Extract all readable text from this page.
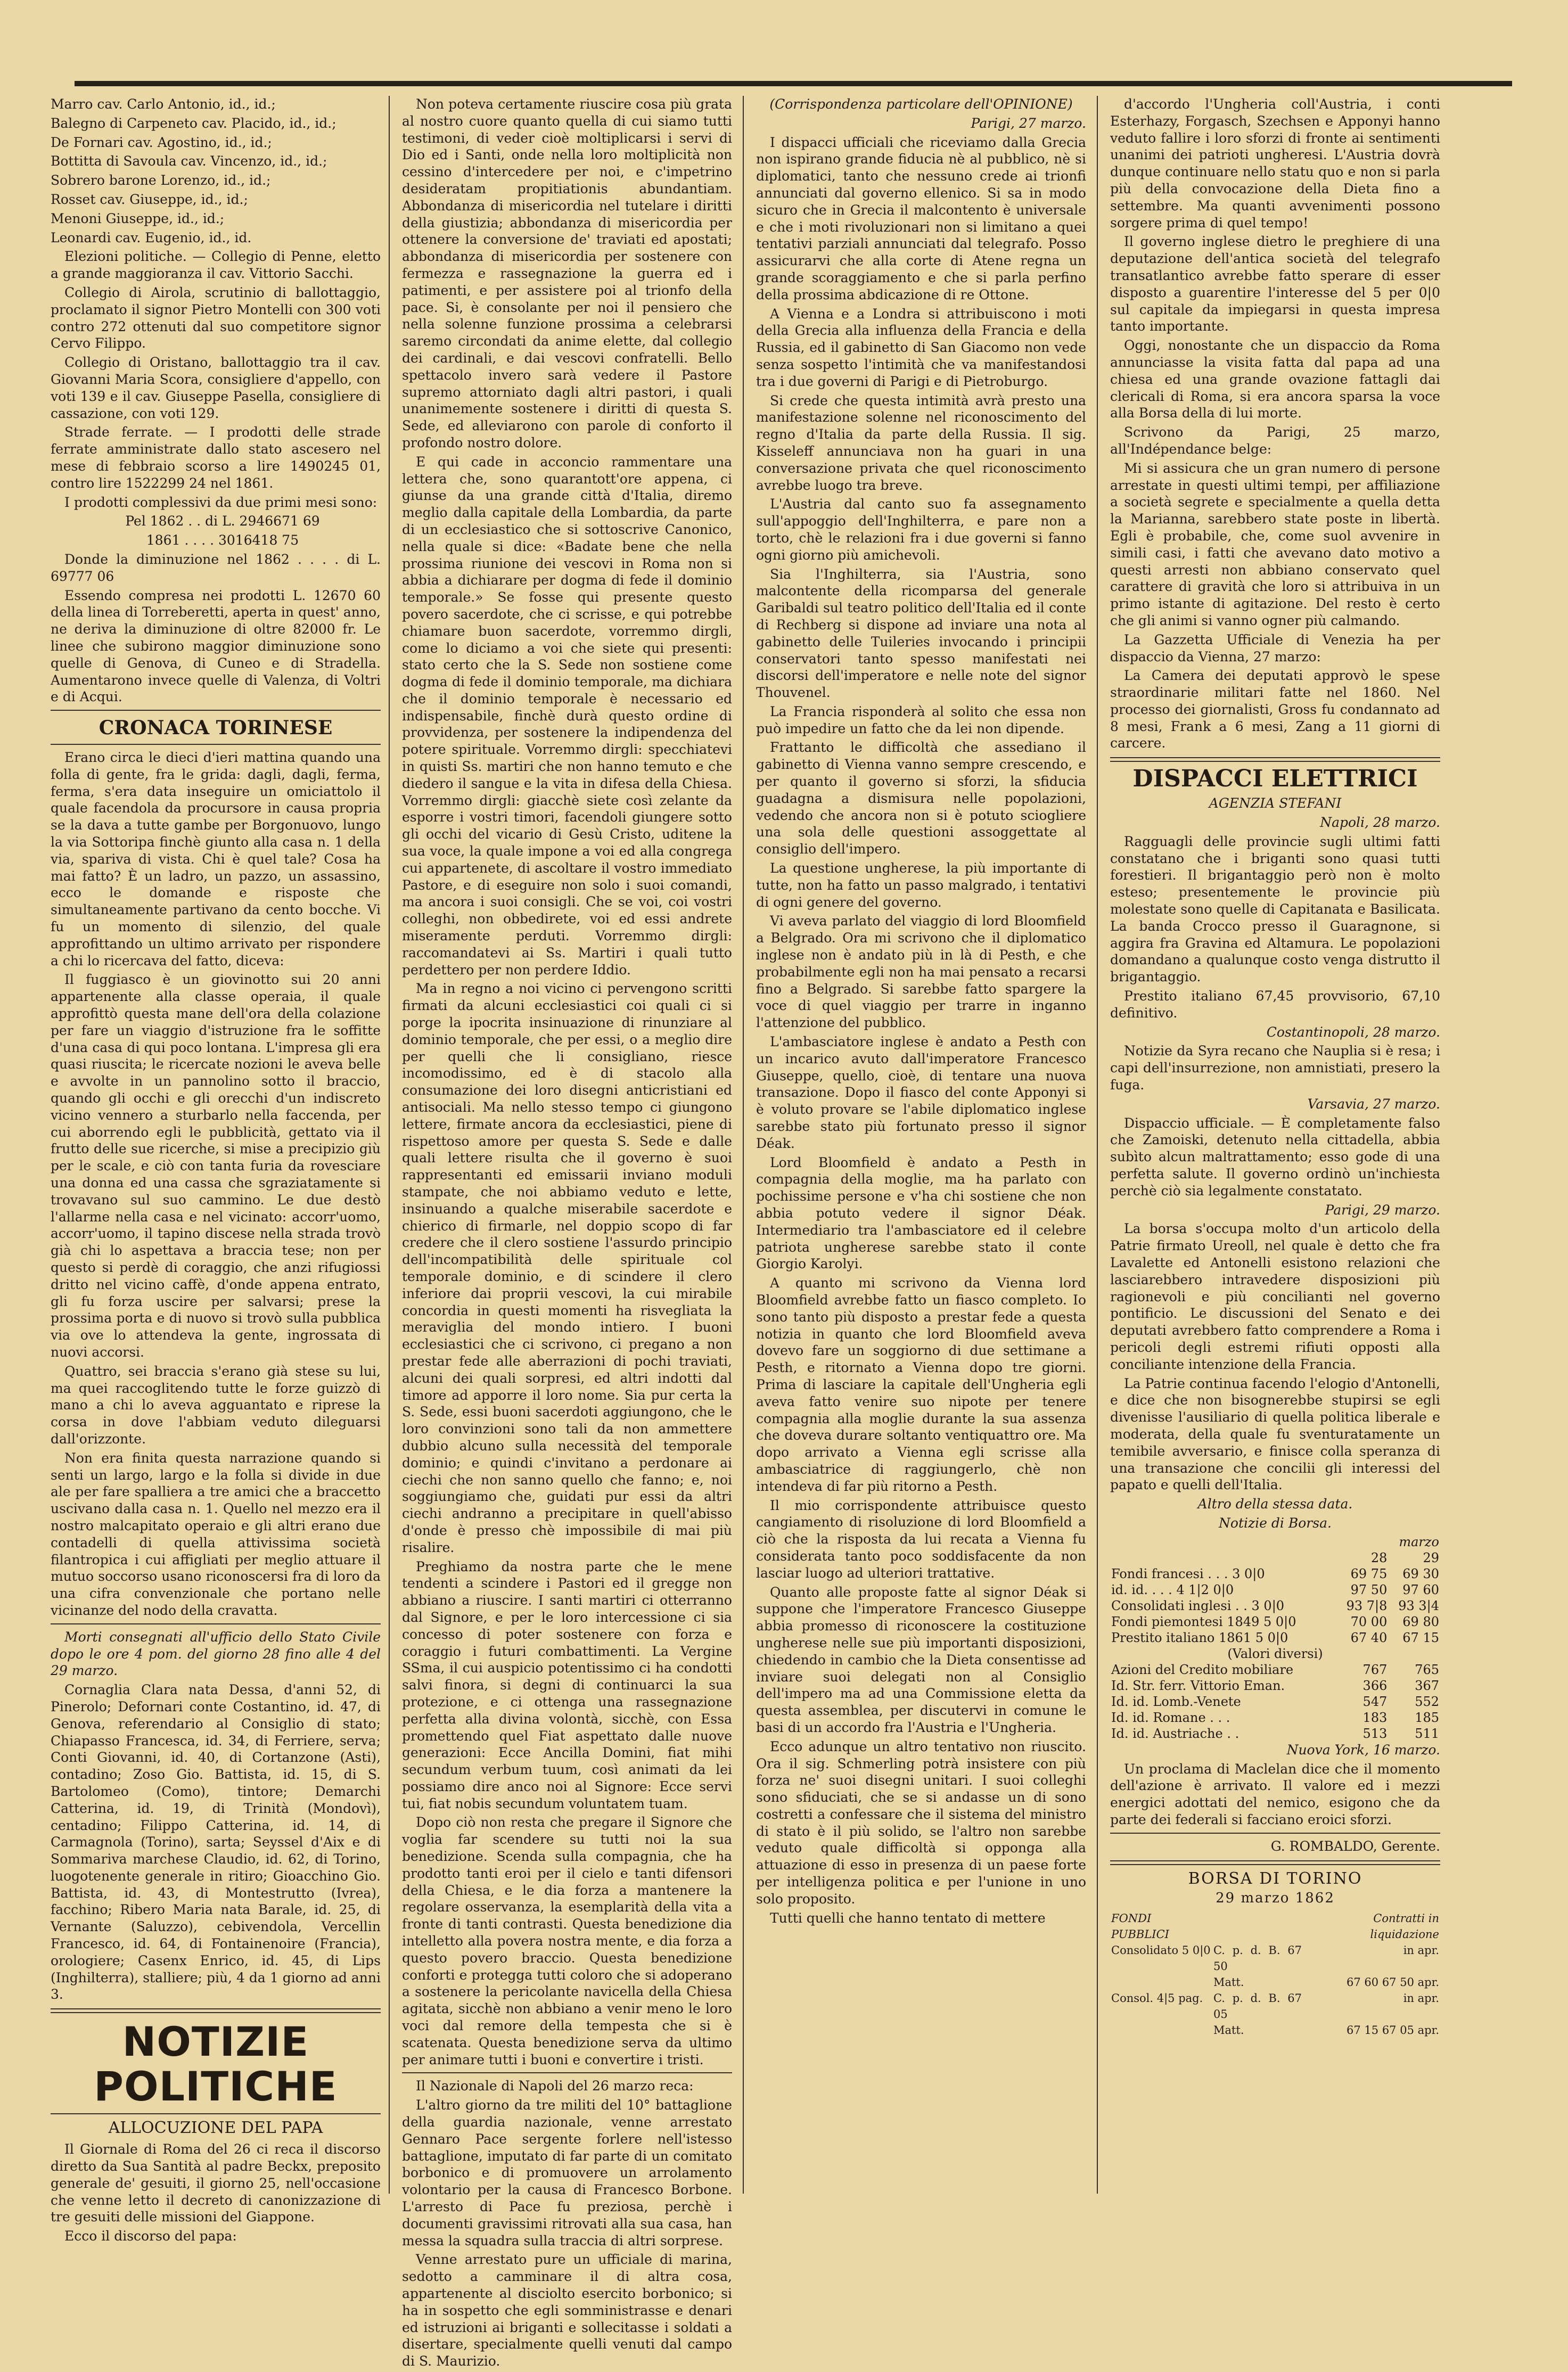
Marro cav. Carlo Antonio, id., id.;

Balegno di Carpeneto cav. Placido, id., id.;

De Fornari cav. Agostino, id., id.;

Bottitta di Savoula cav. Vincenzo, id., id.;

Sobrero barone Lorenzo, id., id.;

Rosset cav. Giuseppe, id., id.;

Menoni Giuseppe, id., id.;

Leonardi cav. Eugenio, id., id.

Elezioni politiche. — Collegio di Penne, eletto a grande maggioranza il cav. Vittorio Sacchi.

Collegio di Airola, scrutinio di ballottaggio, proclamato il signor Pietro Montelli con 300 voti contro 272 ottenuti dal suo competitore signor Cervo Filippo.

Collegio di Oristano, ballottaggio tra il cav. Giovanni Maria Scora, consigliere d'appello, con voti 139 e il cav. Giuseppe Pasella, consigliere di cassazione, con voti 129.

Strade ferrate. — I prodotti delle strade ferrate amministrate dallo stato ascesero nel mese di febbraio scorso a lire 1490245 01, contro lire 1522299 24 nel 1861.

I prodotti complessivi da due primi mesi sono:

Pel 1862 . . di L. 2946671 69

1861 . . . . 3016418 75

Donde la diminuzione nel 1862 . . . . di L. 69777 06

Essendo compresa nei prodotti L. 12670 60 della linea di Torreberetti, aperta in quest' anno, ne deriva la diminuzione di oltre 82000 fr. Le linee che subirono maggior diminuzione sono quelle di Genova, di Cuneo e di Stradella. Aumentarono invece quelle di Valenza, di Voltri e di Acqui.

CRONACA TORINESE

Erano circa le dieci d'ieri mattina quando una folla di gente, fra le grida: dagli, dagli, ferma, ferma, s'era data inseguire un omiciattolo il quale facendola da procursore in causa propria se la dava a tutte gambe per Borgonuovo, lungo la via Sottoripa finchè giunto alla casa n. 1 della via, spariva di vista. Chi è quel tale? Cosa ha mai fatto? È un ladro, un pazzo, un assassino, ecco le domande e risposte che simultaneamente partivano da cento bocche. Vi fu un momento di silenzio, del quale approfittando un ultimo arrivato per rispondere a chi lo ricercava del fatto, diceva:

Il fuggiasco è un giovinotto sui 20 anni appartenente alla classe operaia, il quale approfittò questa mane dell'ora della colazione per fare un viaggio d'istruzione fra le soffitte d'una casa di qui poco lontana. L'impresa gli era quasi riuscita; le ricercate nozioni le aveva belle e avvolte in un pannolino sotto il braccio, quando gli occhi e gli orecchi d'un indiscreto vicino vennero a sturbarlo nella faccenda, per cui aborrendo egli le pubblicità, gettato via il frutto delle sue ricerche, si mise a precipizio giù per le scale, e ciò con tanta furia da rovesciare una donna ed una cassa che sgraziatamente si trovavano sul suo cammino. Le due destò l'allarme nella casa e nel vicinato: accorr'uomo, accorr'uomo, il tapino discese nella strada trovò già chi lo aspettava a braccia tese; non per questo si perdè di coraggio, che anzi rifugiossi dritto nel vicino caffè, d'onde appena entrato, gli fu forza uscire per salvarsi; prese la prossima porta e di nuovo si trovò sulla pubblica via ove lo attendeva la gente, ingrossata di nuovi accorsi.

Quattro, sei braccia s'erano già stese su lui, ma quei raccoglitendo tutte le forze guizzò di mano a chi lo aveva agguantato e riprese la corsa in dove l'abbiam veduto dileguarsi dall'orizzonte.

Non era finita questa narrazione quando si senti un largo, largo e la folla si divide in due ale per fare spalliera a tre amici che a braccetto uscivano dalla casa n. 1. Quello nel mezzo era il nostro malcapitato operaio e gli altri erano due contadelli di quella attivissima società filantropica i cui affigliati per meglio attuare il mutuo soccorso usano riconoscersi fra di loro da una cifra convenzionale che portano nelle vicinanze del nodo della cravatta.

Morti consegnati all'ufficio dello Stato Civile dopo le ore 4 pom. del giorno 28 fino alle 4 del 29 marzo.

Cornaglia Clara nata Dessa, d'anni 52, di Pinerolo; Defornari conte Costantino, id. 47, di Genova, referendario al Consiglio di stato; Chiapasso Francesca, id. 34, di Ferriere, serva; Conti Giovanni, id. 40, di Cortanzone (Asti), contadino; Zoso Gio. Battista, id. 15, di S. Bartolomeo (Como), tintore; Demarchi Catterina, id. 19, di Trinità (Mondovì), centadino; Filippo Catterina, id. 14, di Carmagnola (Torino), sarta; Seyssel d'Aix e di Sommariva marchese Claudio, id. 62, di Torino, luogotenente generale in ritiro; Gioacchino Gio. Battista, id. 43, di Montestrutto (Ivrea), facchino; Ribero Maria nata Barale, id. 25, di Vernante (Saluzzo), cebivendola, Vercellin Francesco, id. 64, di Fontainenoire (Francia), orologiere; Casenx Enrico, id. 45, di Lips (Inghilterra), stalliere; più, 4 da 1 giorno ad anni 3.

NOTIZIE POLITICHE
ALLOCUZIONE DEL PAPA

Il Giornale di Roma del 26 ci reca il discorso diretto da Sua Santità al padre Beckx, preposito generale de' gesuiti, il giorno 25, nell'occasione che venne letto il decreto di canonizzazione di tre gesuiti delle missioni del Giappone.

Ecco il discorso del papa:

Non poteva certamente riuscire cosa più grata al nostro cuore quanto quella di cui siamo tutti testimoni, di veder cioè moltiplicarsi i servi di Dio ed i Santi, onde nella loro moltiplicità non cessino d'intercedere per noi, e c'impetrino desideratam propitiationis abundantiam. Abbondanza di misericordia nel tutelare i diritti della giustizia; abbondanza di misericordia per ottenere la conversione de' traviati ed apostati; abbondanza di misericordia per sostenere con fermezza e rassegnazione la guerra ed i patimenti, e per assistere poi al trionfo della pace. Si, è consolante per noi il pensiero che nella solenne funzione prossima a celebrarsi saremo circondati da anime elette, dal collegio dei cardinali, e dai vescovi confratelli. Bello spettacolo invero sarà vedere il Pastore supremo attorniato dagli altri pastori, i quali unanimemente sostenere i diritti di questa S. Sede, ed alleviarono con parole di conforto il profondo nostro dolore.

E qui cade in acconcio rammentare una lettera che, sono quarantott'ore appena, ci giunse da una grande città d'Italia, diremo meglio dalla capitale della Lombardia, da parte di un ecclesiastico che si sottoscrive Canonico, nella quale si dice: «Badate bene che nella prossima riunione dei vescovi in Roma non si abbia a dichiarare per dogma di fede il dominio temporale.» Se fosse qui presente questo povero sacerdote, che ci scrisse, e qui potrebbe chiamare buon sacerdote, vorremmo dirgli, come lo diciamo a voi che siete qui presenti: stato certo che la S. Sede non sostiene come dogma di fede il dominio temporale, ma dichiara che il dominio temporale è necessario ed indispensabile, finchè durà questo ordine di provvidenza, per sostenere la indipendenza del potere spirituale. Vorremmo dirgli: specchiatevi in quisti Ss. martiri che non hanno temuto e che diedero il sangue e la vita in difesa della Chiesa. Vorremmo dirgli: giacchè siete così zelante da esporre i vostri timori, facendoli giungere sotto gli occhi del vicario di Gesù Cristo, uditene la sua voce, la quale impone a voi ed alla congrega cui appartenete, di ascoltare il vostro immediato Pastore, e di eseguire non solo i suoi comandi, ma ancora i suoi consigli. Che se voi, coi vostri colleghi, non obbedirete, voi ed essi andrete miseramente perduti. Vorremmo dirgli: raccomandatevi ai Ss. Martiri i quali tutto perdettero per non perdere Iddio.

Ma in regno a noi vicino ci pervengono scritti firmati da alcuni ecclesiastici coi quali ci si porge la ipocrita insinuazione di rinunziare al dominio temporale, che per essi, o a meglio dire per quelli che li consigliano, riesce incomodissimo, ed è di stacolo alla consumazione dei loro disegni anticristiani ed antisociali. Ma nello stesso tempo ci giungono lettere, firmate ancora da ecclesiastici, piene di rispettoso amore per questa S. Sede e dalle quali lettere risulta che il governo è suoi rappresentanti ed emissarii inviano moduli stampate, che noi abbiamo veduto e lette, insinuando a qualche miserabile sacerdote e chierico di firmarle, nel doppio scopo di far credere che il clero sostiene l'assurdo principio dell'incompatibilità delle spirituale col temporale dominio, e di scindere il clero inferiore dai proprii vescovi, la cui mirabile concordia in questi momenti ha risvegliata la meraviglia del mondo intiero. I buoni ecclesiastici che ci scrivono, ci pregano a non prestar fede alle aberrazioni di pochi traviati, alcuni dei quali sorpresi, ed altri indotti dal timore ad apporre il loro nome. Sia pur certa la S. Sede, essi buoni sacerdoti aggiungono, che le loro convinzioni sono tali da non ammettere dubbio alcuno sulla necessità del temporale dominio; e quindi c'invitano a perdonare ai ciechi che non sanno quello che fanno; e, noi soggiungiamo che, guidati pur essi da altri ciechi andranno a precipitare in quell'abisso d'onde è presso chè impossibile di mai più risalire.

Preghiamo da nostra parte che le mene tendenti a scindere i Pastori ed il gregge non abbiano a riuscire. I santi martiri ci otterranno dal Signore, e per le loro intercessione ci sia concesso di poter sostenere con forza e coraggio i futuri combattimenti. La Vergine SSma, il cui auspicio potentissimo ci ha condotti salvi finora, si degni di continuarci la sua protezione, e ci ottenga una rassegnazione perfetta alla divina volontà, sicchè, con Essa promettendo quel Fiat aspettato dalle nuove generazioni: Ecce Ancilla Domini, fiat mihi secundum verbum tuum, così animati da lei possiamo dire anco noi al Signore: Ecce servi tui, fiat nobis secundum voluntatem tuam.

Dopo ciò non resta che pregare il Signore che voglia far scendere su tutti noi la sua benedizione. Scenda sulla compagnia, che ha prodotto tanti eroi per il cielo e tanti difensori della Chiesa, e le dia forza a mantenere la regolare osservanza, la esemplarità della vita a fronte di tanti contrasti. Questa benedizione dia intelletto alla povera nostra mente, e dia forza a questo povero braccio. Questa benedizione conforti e protegga tutti coloro che si adoperano a sostenere la pericolante navicella della Chiesa agitata, sicchè non abbiano a venir meno le loro voci dal remore della tempesta che si è scatenata. Questa benedizione serva da ultimo per animare tutti i buoni e convertire i tristi.

Il Nazionale di Napoli del 26 marzo reca:

L'altro giorno da tre militi del 10° battaglione della guardia nazionale, venne arrestato Gennaro Pace sergente forlere nell'istesso battaglione, imputato di far parte di un comitato borbonico e di promuovere un arrolamento volontario per la causa di Francesco Borbone. L'arresto di Pace fu preziosa, perchè i documenti gravissimi ritrovati alla sua casa, han messa la squadra sulla traccia di altri sorprese.

Venne arrestato pure un ufficiale di marina, sedotto a camminare il di altra cosa, appartenente al disciolto esercito borbonico; si ha in sospetto che egli somministrasse e denari ed istruzioni ai briganti e sollecitasse i soldati a disertare, specialmente quelli venuti dal campo di S. Maurizio.

(Corrispondenza particolare dell'OPINIONE)

Parigi, 27 marzo.

I dispacci ufficiali che riceviamo dalla Grecia non ispirano grande fiducia nè al pubblico, nè si diplomatici, tanto che nessuno crede ai trionfi annunciati dal governo ellenico. Si sa in modo sicuro che in Grecia il malcontento è universale e che i moti rivoluzionari non si limitano a quei tentativi parziali annunciati dal telegrafo. Posso assicurarvi che alla corte di Atene regna un grande scoraggiamento e che si parla perfino della prossima abdicazione di re Ottone.

A Vienna e a Londra si attribuiscono i moti della Grecia alla influenza della Francia e della Russia, ed il gabinetto di San Giacomo non vede senza sospetto l'intimità che va manifestandosi tra i due governi di Parigi e di Pietroburgo.

Si crede che questa intimità avrà presto una manifestazione solenne nel riconoscimento del regno d'Italia da parte della Russia. Il sig. Kisseleff annunciava non ha guari in una conversazione privata che quel riconoscimento avrebbe luogo tra breve.

L'Austria dal canto suo fa assegnamento sull'appoggio dell'Inghilterra, e pare non a torto, chè le relazioni fra i due governi si fanno ogni giorno più amichevoli.

Sia l'Inghilterra, sia l'Austria, sono malcontente della ricomparsa del generale Garibaldi sul teatro politico dell'Italia ed il conte di Rechberg si dispone ad inviare una nota al gabinetto delle Tuileries invocando i principii conservatori tanto spesso manifestati nei discorsi dell'imperatore e nelle note del signor Thouvenel.

La Francia risponderà al solito che essa non può impedire un fatto che da lei non dipende.

Frattanto le difficoltà che assediano il gabinetto di Vienna vanno sempre crescendo, e per quanto il governo si sforzi, la sfiducia guadagna a dismisura nelle popolazioni, vedendo che ancora non si è potuto sciogliere una sola delle questioni assoggettate al consiglio dell'impero.

La questione ungherese, la più importante di tutte, non ha fatto un passo malgrado, i tentativi di ogni genere del governo.

Vi aveva parlato del viaggio di lord Bloomfield a Belgrado. Ora mi scrivono che il diplomatico inglese non è andato più in là di Pesth, e che probabilmente egli non ha mai pensato a recarsi fino a Belgrado. Si sarebbe fatto spargere la voce di quel viaggio per trarre in inganno l'attenzione del pubblico.

L'ambasciatore inglese è andato a Pesth con un incarico avuto dall'imperatore Francesco Giuseppe, quello, cioè, di tentare una nuova transazione. Dopo il fiasco del conte Apponyi si è voluto provare se l'abile diplomatico inglese sarebbe stato più fortunato presso il signor Déak.

Lord Bloomfield è andato a Pesth in compagnia della moglie, ma ha parlato con pochissime persone e v'ha chi sostiene che non abbia potuto vedere il signor Déak. Intermediario tra l'ambasciatore ed il celebre patriota ungherese sarebbe stato il conte Giorgio Karolyi.

A quanto mi scrivono da Vienna lord Bloomfield avrebbe fatto un fiasco completo. Io sono tanto più disposto a prestar fede a questa notizia in quanto che lord Bloomfield aveva dovevo fare un soggiorno di due settimane a Pesth, e ritornato a Vienna dopo tre giorni. Prima di lasciare la capitale dell'Ungheria egli aveva fatto venire suo nipote per tenere compagnia alla moglie durante la sua assenza che doveva durare soltanto ventiquattro ore. Ma dopo arrivato a Vienna egli scrisse alla ambasciatrice di raggiungerlo, chè non intendeva di far più ritorno a Pesth.

Il mio corrispondente attribuisce questo cangiamento di risoluzione di lord Bloomfield a ciò che la risposta da lui recata a Vienna fu considerata tanto poco soddisfacente da non lasciar luogo ad ulteriori trattative.

Quanto alle proposte fatte al signor Déak si suppone che l'imperatore Francesco Giuseppe abbia promesso di riconoscere la costituzione ungherese nelle sue più importanti disposizioni, chiedendo in cambio che la Dieta consentisse ad inviare suoi delegati non al Consiglio dell'impero ma ad una Commissione eletta da questa assemblea, per discutervi in comune le basi di un accordo fra l'Austria e l'Ungheria.

Ecco adunque un altro tentativo non riuscito. Ora il sig. Schmerling potrà insistere con più forza ne' suoi disegni unitari. I suoi colleghi sono sfiduciati, che se si andasse un di sono costretti a confessare che il sistema del ministro di stato è il più solido, se l'altro non sarebbe veduto quale difficoltà si opponga alla attuazione di esso in presenza di un paese forte per intelligenza politica e per l'unione in uno solo proposito.

Tutti quelli che hanno tentato di mettere

d'accordo l'Ungheria coll'Austria, i conti Esterhazy, Forgasch, Szechsen e Apponyi hanno veduto fallire i loro sforzi di fronte ai sentimenti unanimi dei patrioti ungheresi. L'Austria dovrà dunque continuare nello statu quo e non si parla più della convocazione della Dieta fino a settembre. Ma quanti avvenimenti possono sorgere prima di quel tempo!

Il governo inglese dietro le preghiere di una deputazione dell'antica società del telegrafo transatlantico avrebbe fatto sperare di esser disposto a guarentire l'interesse del 5 per 0|0 sul capitale da impiegarsi in questa impresa tanto importante.

Oggi, nonostante che un dispaccio da Roma annunciasse la visita fatta dal papa ad una chiesa ed una grande ovazione fattagli dai clericali di Roma, si era ancora sparsa la voce alla Borsa della di lui morte.

Scrivono da Parigi, 25 marzo, all'Indépendance belge:

Mi si assicura che un gran numero di persone arrestate in questi ultimi tempi, per affiliazione a società segrete e specialmente a quella detta la Marianna, sarebbero state poste in libertà. Egli è probabile, che, come suol avvenire in simili casi, i fatti che avevano dato motivo a questi arresti non abbiano conservato quel carattere di gravità che loro si attribuiva in un primo istante di agitazione. Del resto è certo che gli animi si vanno ogner più calmando.

La Gazzetta Ufficiale di Venezia ha per dispaccio da Vienna, 27 marzo:

La Camera dei deputati approvò le spese straordinarie militari fatte nel 1860. Nel processo dei giornalisti, Gross fu condannato ad 8 mesi, Frank a 6 mesi, Zang a 11 giorni di carcere.

DISPACCI ELETTRICI

AGENZIA STEFANI

Napoli, 28 marzo.

Ragguagli delle provincie sugli ultimi fatti constatano che i briganti sono quasi tutti forestieri. Il brigantaggio però non è molto esteso; presentemente le provincie più molestate sono quelle di Capitanata e Basilicata. La banda Crocco presso il Guaragnone, si aggira fra Gravina ed Altamura. Le popolazioni domandano a qualunque costo venga distrutto il brigantaggio.

Prestito italiano 67,45 provvisorio, 67,10 definitivo.

Costantinopoli, 28 marzo.

Notizie da Syra recano che Nauplia si è resa; i capi dell'insurrezione, non amnistiati, presero la fuga.

Varsavia, 27 marzo.

Dispaccio ufficiale. — È completamente falso che Zamoiski, detenuto nella cittadella, abbia subìto alcun maltrattamento; esso gode di una perfetta salute. Il governo ordinò un'inchiesta perchè ciò sia legalmente constatato.

Parigi, 29 marzo.

La borsa s'occupa molto d'un articolo della Patrie firmato Ureoll, nel quale è detto che fra Lavalette ed Antonelli esistono relazioni che lasciarebbero intravedere disposizioni più ragionevoli e più concilianti nel governo pontificio. Le discussioni del Senato e dei deputati avrebbero fatto comprendere a Roma i pericoli degli estremi rifiuti opposti alla conciliante intenzione della Francia.

La Patrie continua facendo l'elogio d'Antonelli, e dice che non bisognerebbe stupirsi se egli divenisse l'ausiliario di quella politica liberale e moderata, della quale fu sventuratamente un temibile avversario, e finisce colla speranza di una transazione che concilii gli interessi del papato e quelli dell'Italia.

Altro della stessa data.

Notizie di Borsa.

	marzo	
	28	29
Fondi francesi . . . 3 0|0	69 75	69 30
id. id. . . . 4 1|2 0|0	97 50	97 60
Consolidati inglesi . . 3 0|0	93 7|8	93 3|4
Fondi piemontesi 1849 5 0|0	70 00	69 80
Prestito italiano 1861 5 0|0	67 40	67 15
(Valori diversi)		
Azioni del Credito mobiliare	767	765
Id. Str. ferr. Vittorio Eman.	366	367
Id. id. Lomb.-Venete	547	552
Id. id. Romane . . .	183	185
Id. id. Austriache . .	513	511

Nuova York, 16 marzo.

Un proclama di Maclelan dice che il momento dell'azione è arrivato. Il valore ed i mezzi energici adottati del nemico, esigono che da parte dei federali si facciano eroici sforzi.

G. ROMBALDO, Gerente.

BORSA DI TORINO
29 marzo 1862
FONDI PUBBLICI		Contratti in liquidazione
Consolidato 5 0|0	C. p. d. B. 67 50	in apr.
	Matt.	67 60 67 50 apr.
Consol. 4|5 pag.	C. p. d. B. 67 05	in apr.
	Matt.	67 15 67 05 apr.
